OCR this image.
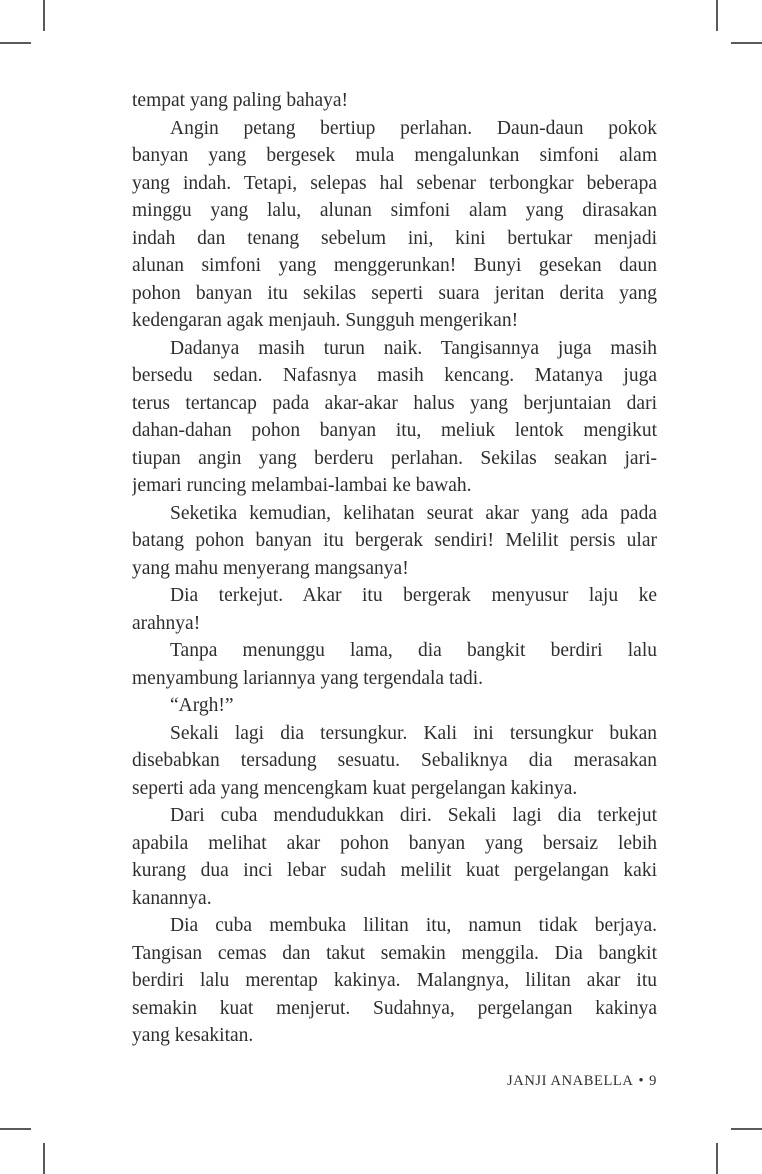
tempat yang paling bahaya!
Angin petang bertiup perlahan. Daun-daun pokok
banyan yang bergesek mula mengalunkan simfoni alam
yang indah. Tetapi, selepas hal sebenar terbongkar beberapa
minggu yang lalu, alunan simfoni alam yang dirasakan
indah dan tenang sebelum ini, kini bertukar menjadi
alunan simfoni yang menggerunkan! Bunyi gesekan daun
pohon banyan itu sekilas seperti suara jeritan derita yang
kedengaran agak menjauh. Sungguh mengerikan!
Dadanya masih turun naik. Tangisannya juga masih
bersedu sedan. Nafasnya masih kencang. Matanya juga
terus tertancap pada akar-akar halus yang berjuntaian dari
dahan-dahan pohon banyan itu, meliuk lentok mengikut
tiupan angin yang berderu perlahan. Sekilas seakan jari-
jemari runcing melambai-lambai ke bawah.
Seketika kemudian, kelihatan seurat akar yang ada pada
batang pohon banyan itu bergerak sendiri! Melilit persis ular
yang mahu menyerang mangsanya!
Dia terkejut. Akar itu bergerak menyusur laju ke
arahnya!
Tanpa menunggu lama, dia bangkit berdiri lalu
menyambung lariannya yang tergendala tadi.
“Argh!”
Sekali lagi dia tersungkur. Kali ini tersungkur bukan
disebabkan tersadung sesuatu. Sebaliknya dia merasakan
seperti ada yang mencengkam kuat pergelangan kakinya.
Dari cuba mendudukkan diri. Sekali lagi dia terkejut
apabila melihat akar pohon banyan yang bersaiz lebih
kurang dua inci lebar sudah melilit kuat pergelangan kaki
kanannya.
Dia cuba membuka lilitan itu, namun tidak berjaya.
Tangisan cemas dan takut semakin menggila. Dia bangkit
berdiri lalu merentap kakinya. Malangnya, lilitan akar itu
semakin kuat menjerut. Sudahnya, pergelangan kakinya
yang kesakitan.
JANJI ANABELLA • 9
